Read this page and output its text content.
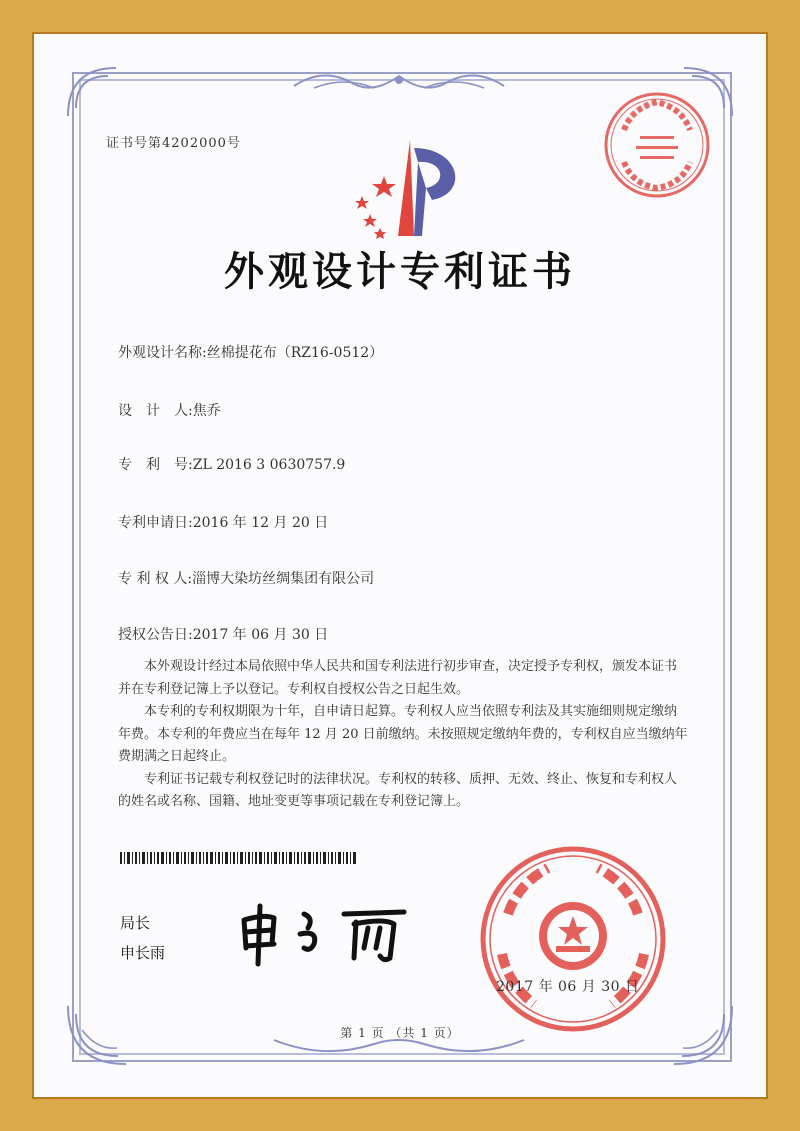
证书号第4202000号
外观设计专利证书
外观设计名称:丝棉提花布（RZ16-0512）
设　计　人:焦乔
专　利　号:ZL 2016 3 0630757.9
专利申请日:2016 年 12 月 20 日
专 利 权 人:淄博大染坊丝绸集团有限公司
授权公告日:2017 年 06 月 30 日

本外观设计经过本局依照中华人民共和国专利法进行初步审查，决定授予专利权，颁发本证书并在专利登记簿上予以登记。专利权自授权公告之日起生效。

本专利的专利权期限为十年，自申请日起算。专利权人应当依照专利法及其实施细则规定缴纳年费。本专利的年费应当在每年 12 月 20 日前缴纳。未按照规定缴纳年费的，专利权自应当缴纳年费期满之日起终止。

专利证书记载专利权登记时的法律状况。专利权的转移、质押、无效、终止、恢复和专利权人的姓名或名称、国籍、地址变更等事项记载在专利登记簿上。

局长
申长雨
2017 年 06 月 30 日
第 1 页 （共 1 页）
